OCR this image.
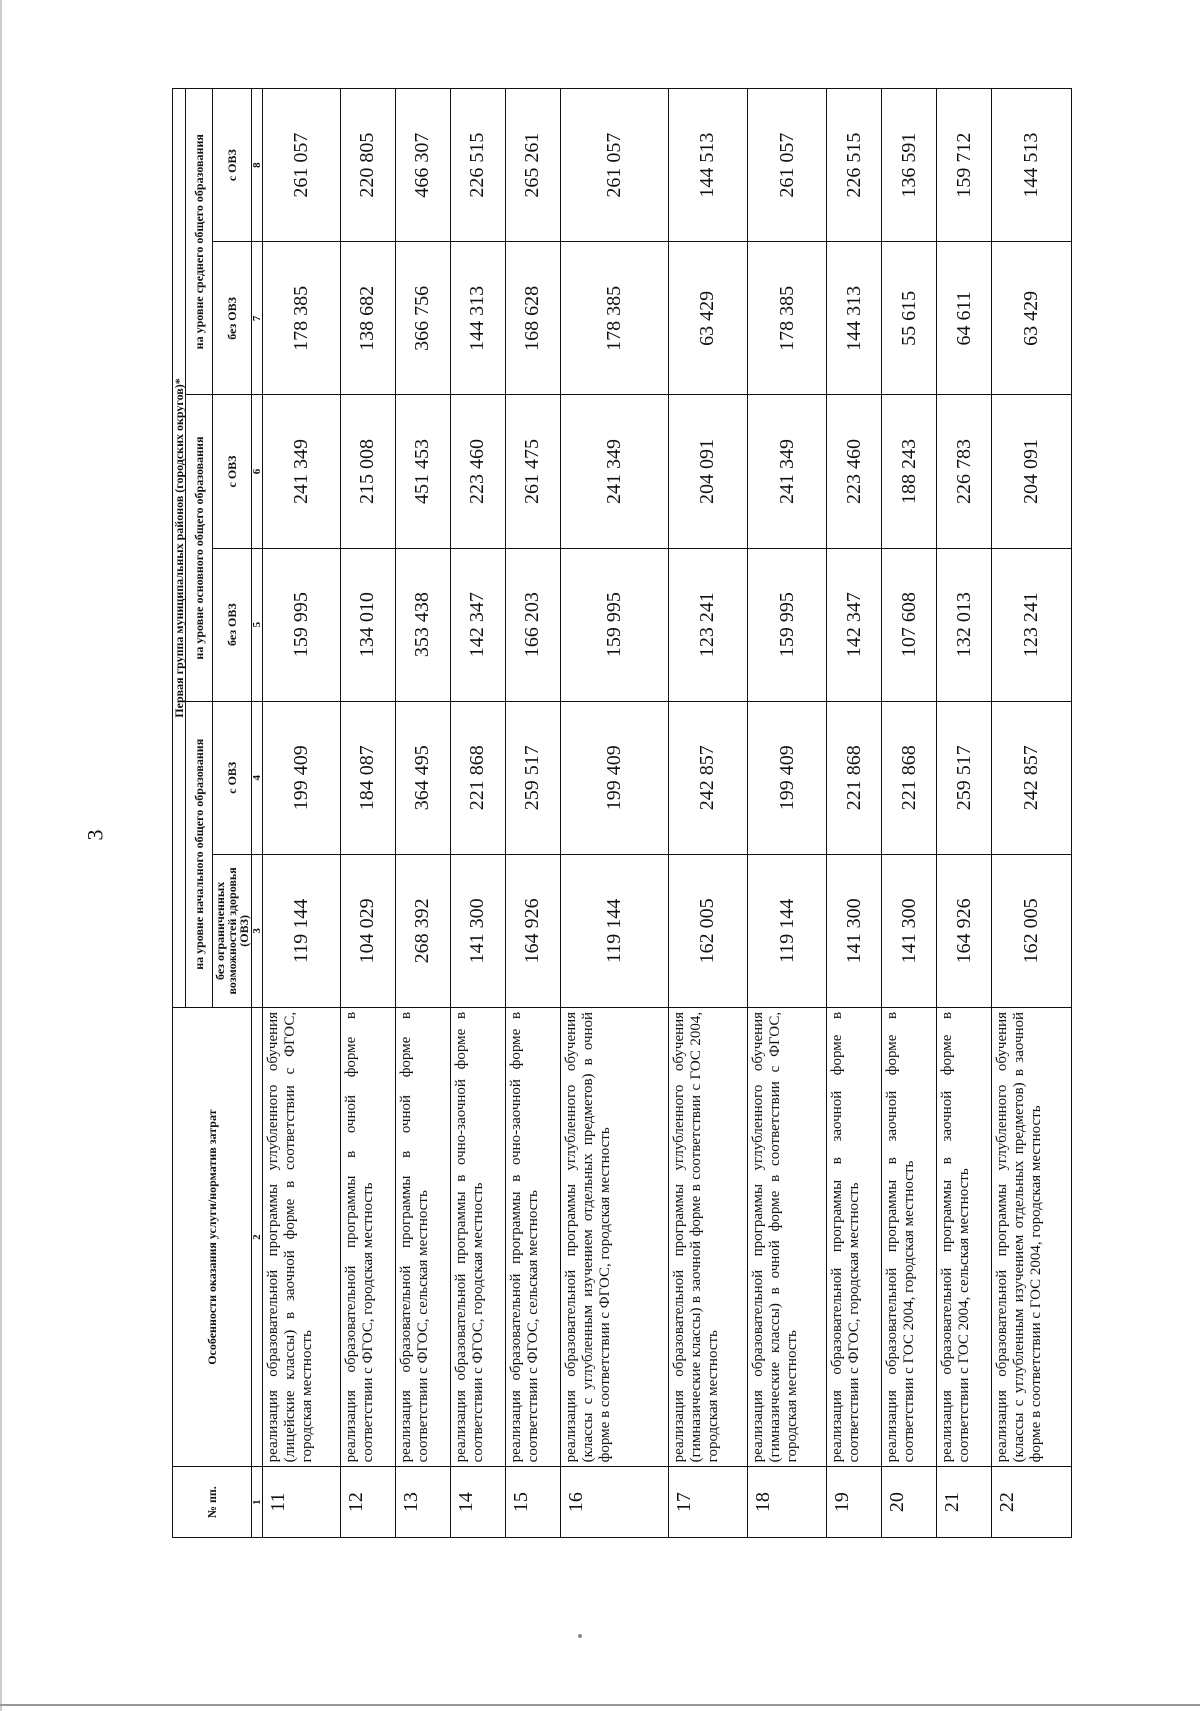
3
№ пп.	Особенности оказания услуги/норматив затрат	Первая группа муниципальных районов (городских округов)*					
		на уровне начального общего образования		на уровне основного общего образования		на уровне среднего общего образования	
		без ограниченных возможностей здоровья (ОВЗ)	с ОВЗ	без ОВЗ	с ОВЗ	без ОВЗ	с ОВЗ
1	2	3	4	5	6	7	8
11	реализация образовательной программы углубленного обучения (лицейские классы) в заочной форме в соответствии с ФГОС, городская местность	119 144	199 409	159 995	241 349	178 385	261 057
12	реализация образовательной программы в очной форме в соответствии с ФГОС, городская местность	104 029	184 087	134 010	215 008	138 682	220 805
13	реализация образовательной программы в очной форме в соответствии с ФГОС, сельская местность	268 392	364 495	353 438	451 453	366 756	466 307
14	реализация образовательной программы в очно-заочной форме в соответствии с ФГОС, городская местность	141 300	221 868	142 347	223 460	144 313	226 515
15	реализация образовательной программы в очно-заочной форме в соответствии с ФГОС, сельская местность	164 926	259 517	166 203	261 475	168 628	265 261
16	реализация образовательной программы углубленного обучения (классы с углубленным изучением отдельных предметов) в очной форме в соответствии с ФГОС, городская местность	119 144	199 409	159 995	241 349	178 385	261 057
17	реализация образовательной программы углубленного обучения (гимназические классы) в заочной форме в соответствии с ГОС 2004, городская местность	162 005	242 857	123 241	204 091	63 429	144 513
18	реализация образовательной программы углубленного обучения (гимназические классы) в очной форме в соответствии с ФГОС, городская местность	119 144	199 409	159 995	241 349	178 385	261 057
19	реализация образовательной программы в заочной форме в соответствии с ФГОС, городская местность	141 300	221 868	142 347	223 460	144 313	226 515
20	реализация образовательной программы в заочной форме в соответствии с ГОС 2004, городская местность	141 300	221 868	107 608	188 243	55 615	136 591
21	реализация образовательной программы в заочной форме в соответствии с ГОС 2004, сельская местность	164 926	259 517	132 013	226 783	64 611	159 712
22	реализация образовательной программы углубленного обучения (классы с углубленным изучением отдельных предметов) в заочной форме в соответствии с ГОС 2004, городская местность	162 005	242 857	123 241	204 091	63 429	144 513
